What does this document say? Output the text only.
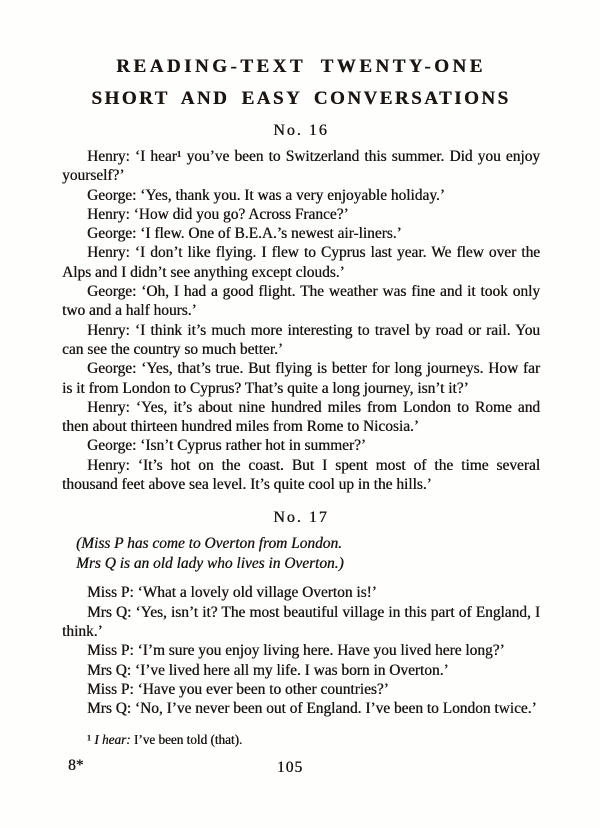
READING-TEXT TWENTY-ONE
SHORT AND EASY CONVERSATIONS
No. 16

Henry: ‘I hear¹ you’ve been to Switzerland this summer. Did you enjoy yourself?’

George: ‘Yes, thank you. It was a very enjoyable holiday.’

Henry: ‘How did you go? Across France?’

George: ‘I flew. One of B.E.A.’s newest air-liners.’

Henry: ‘I don’t like flying. I flew to Cyprus last year. We flew over the Alps and I didn’t see anything except clouds.’

George: ‘Oh, I had a good flight. The weather was fine and it took only two and a half hours.’

Henry: ‘I think it’s much more interesting to travel by road or rail. You can see the country so much better.’

George: ‘Yes, that’s true. But flying is better for long journeys. How far is it from London to Cyprus? That’s quite a long journey, isn’t it?’

Henry: ‘Yes, it’s about nine hundred miles from London to Rome and then about thirteen hundred miles from Rome to Nicosia.’

George: ‘Isn’t Cyprus rather hot in summer?’

Henry: ‘It’s hot on the coast. But I spent most of the time several thousand feet above sea level. It’s quite cool up in the hills.’

No. 17
(Miss P has come to Overton from London.
Mrs Q is an old lady who lives in Overton.)

Miss P: ‘What a lovely old village Overton is!’

Mrs Q: ‘Yes, isn’t it? The most beautiful village in this part of England, I think.’

Miss P: ‘I’m sure you enjoy living here. Have you lived here long?’

Mrs Q: ‘I’ve lived here all my life. I was born in Overton.’

Miss P: ‘Have you ever been to other countries?’

Mrs Q: ‘No, I’ve never been out of England. I’ve been to London twice.’

¹ I hear: I’ve been told (that).
8*	105
